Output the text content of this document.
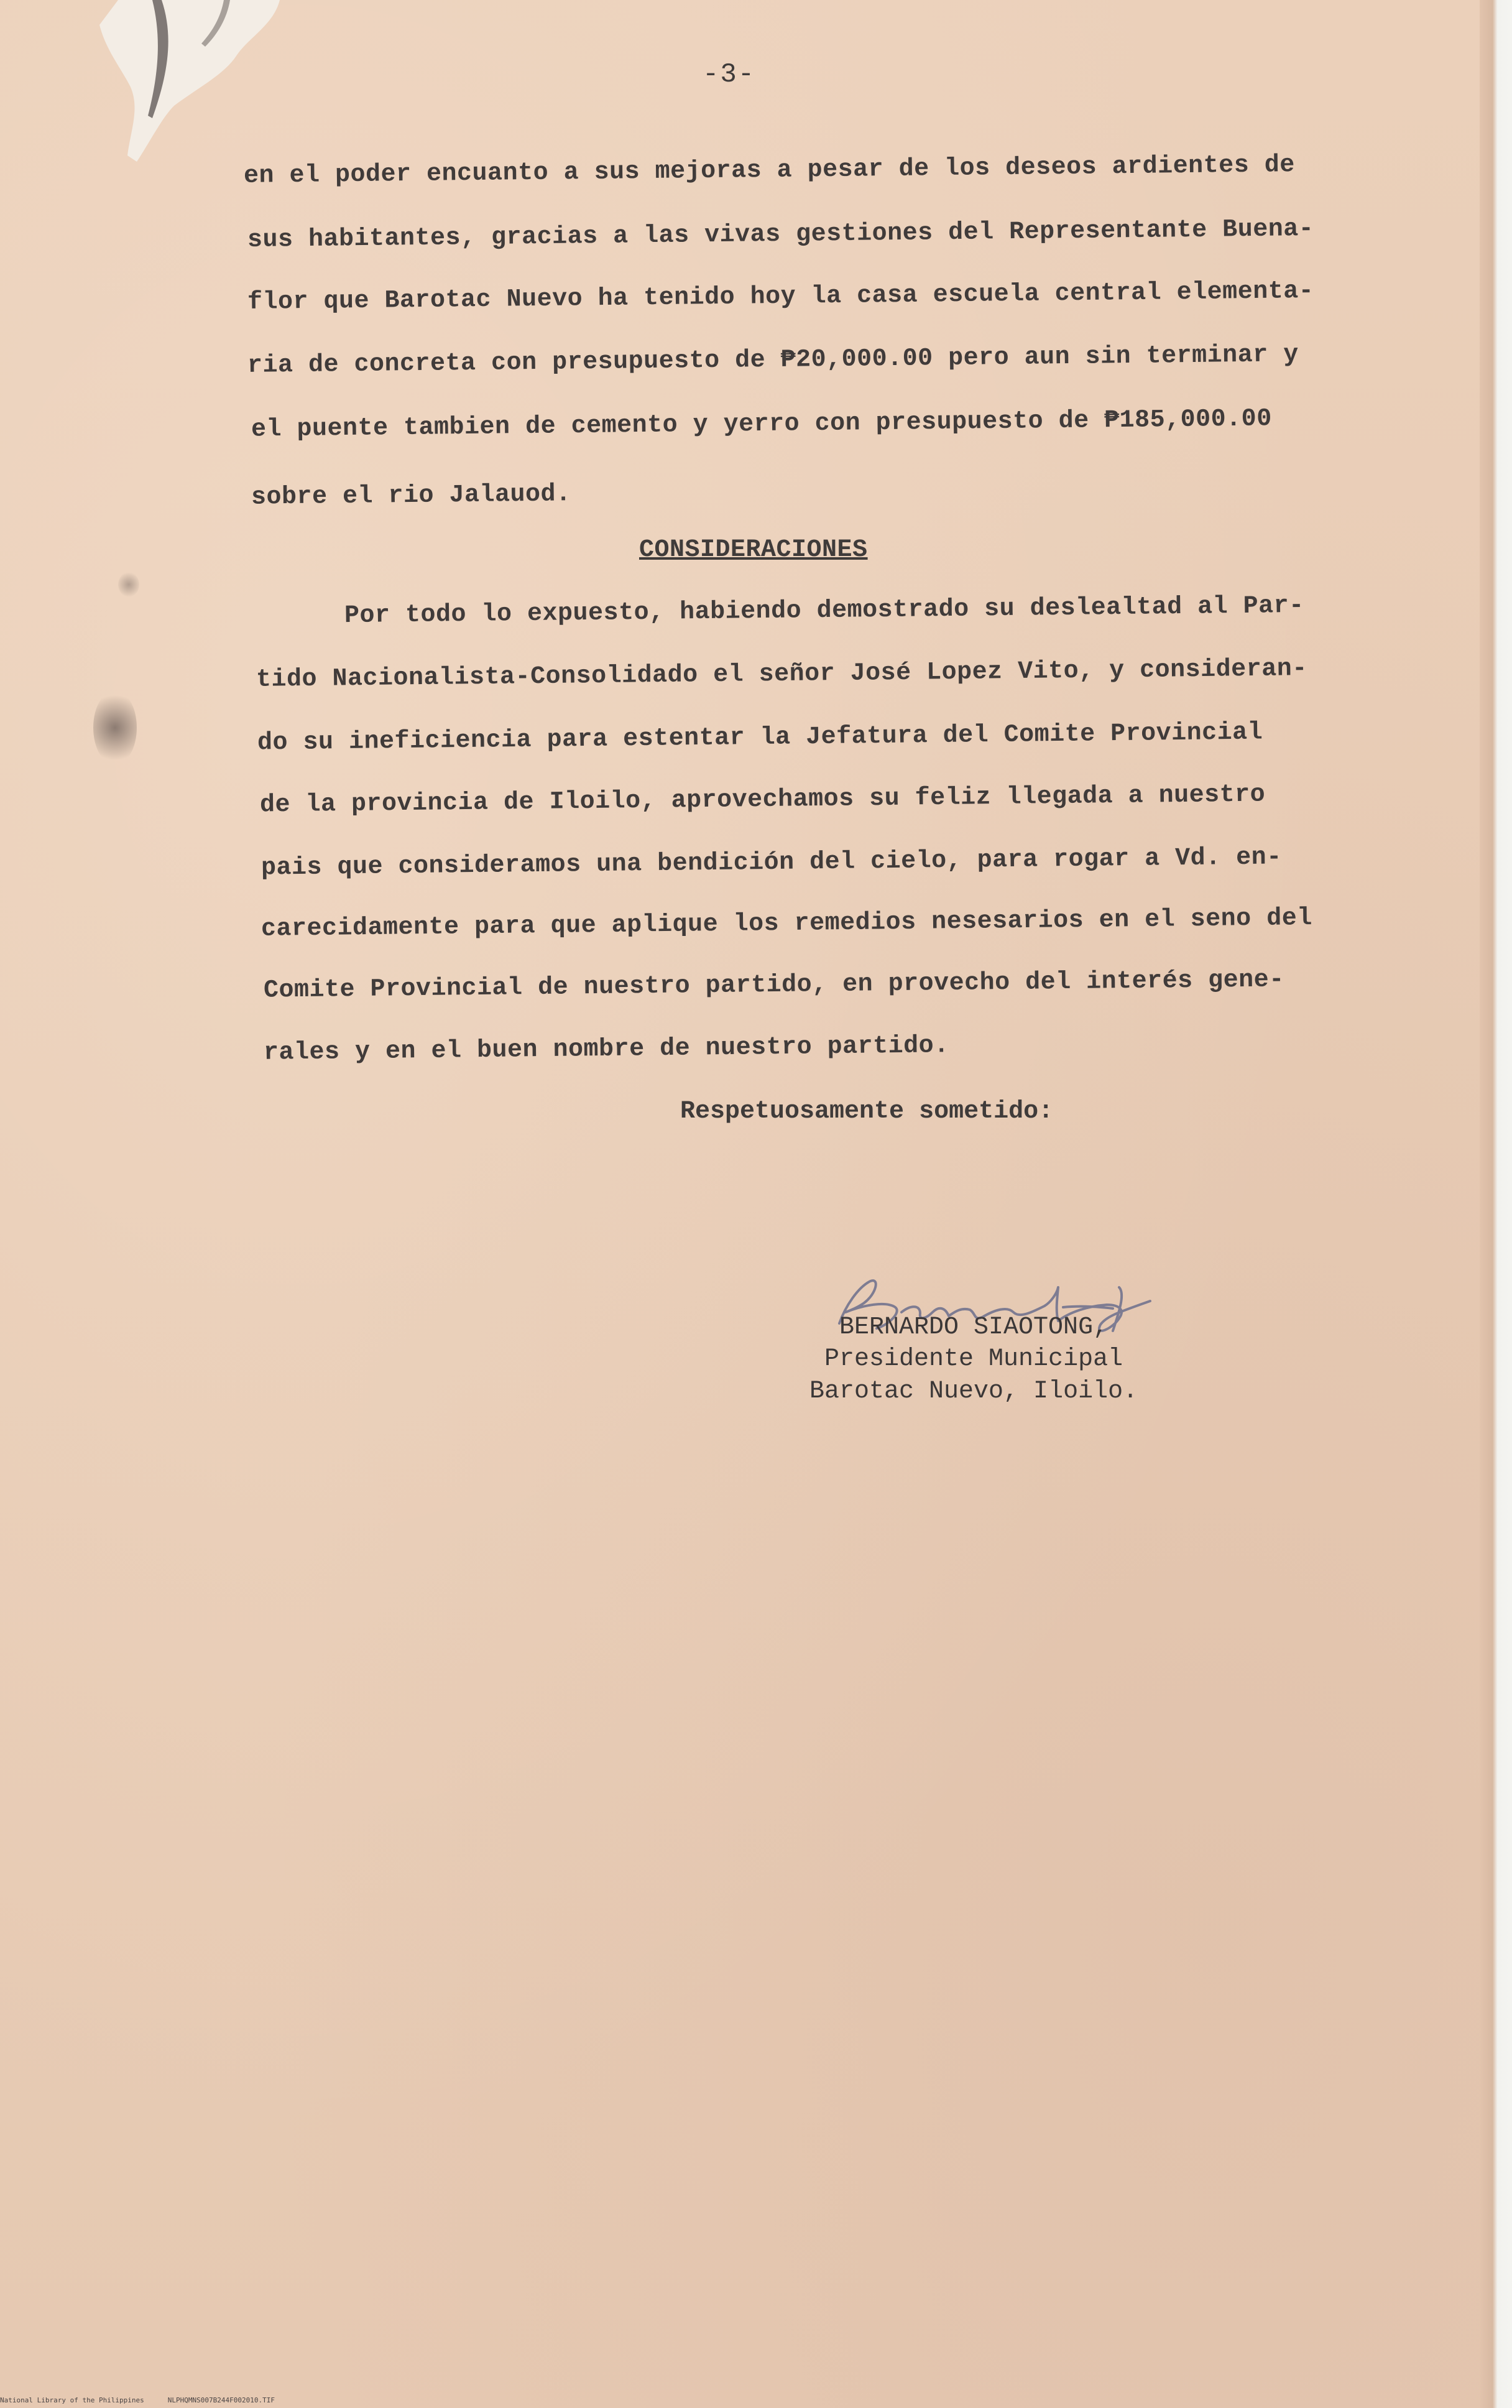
-3-
en el poder encuanto a sus mejoras a pesar de los deseos ardientes de
sus habitantes, gracias a las vivas gestiones del Representante Buena-
flor que Barotac Nuevo ha tenido hoy la casa escuela central elementa-
ria de concreta con presupuesto de ₱20,000.00 pero aun sin terminar y
el puente tambien de cemento y yerro con presupuesto de ₱185,000.00
sobre el rio Jalauod.
CONSIDERACIONES
Por todo lo expuesto, habiendo demostrado su deslealtad al Par-
tido Nacionalista-Consolidado el señor José Lopez Vito, y consideran-
do su ineficiencia para estentar la Jefatura del Comite Provincial
de la provincia de Iloilo, aprovechamos su feliz llegada a nuestro
pais que consideramos una bendición del cielo, para rogar a Vd. en-
carecidamente para que aplique los remedios nesesarios en el seno del
Comite Provincial de nuestro partido, en provecho del interés gene-
rales y en el buen nombre de nuestro partido.
Respetuosamente sometido:
BERNARDO SIAOTONG,
Presidente Municipal
Barotac Nuevo, Iloilo.
National Library of the Philippines	NLPHQMNS007B244F002010.TIF
